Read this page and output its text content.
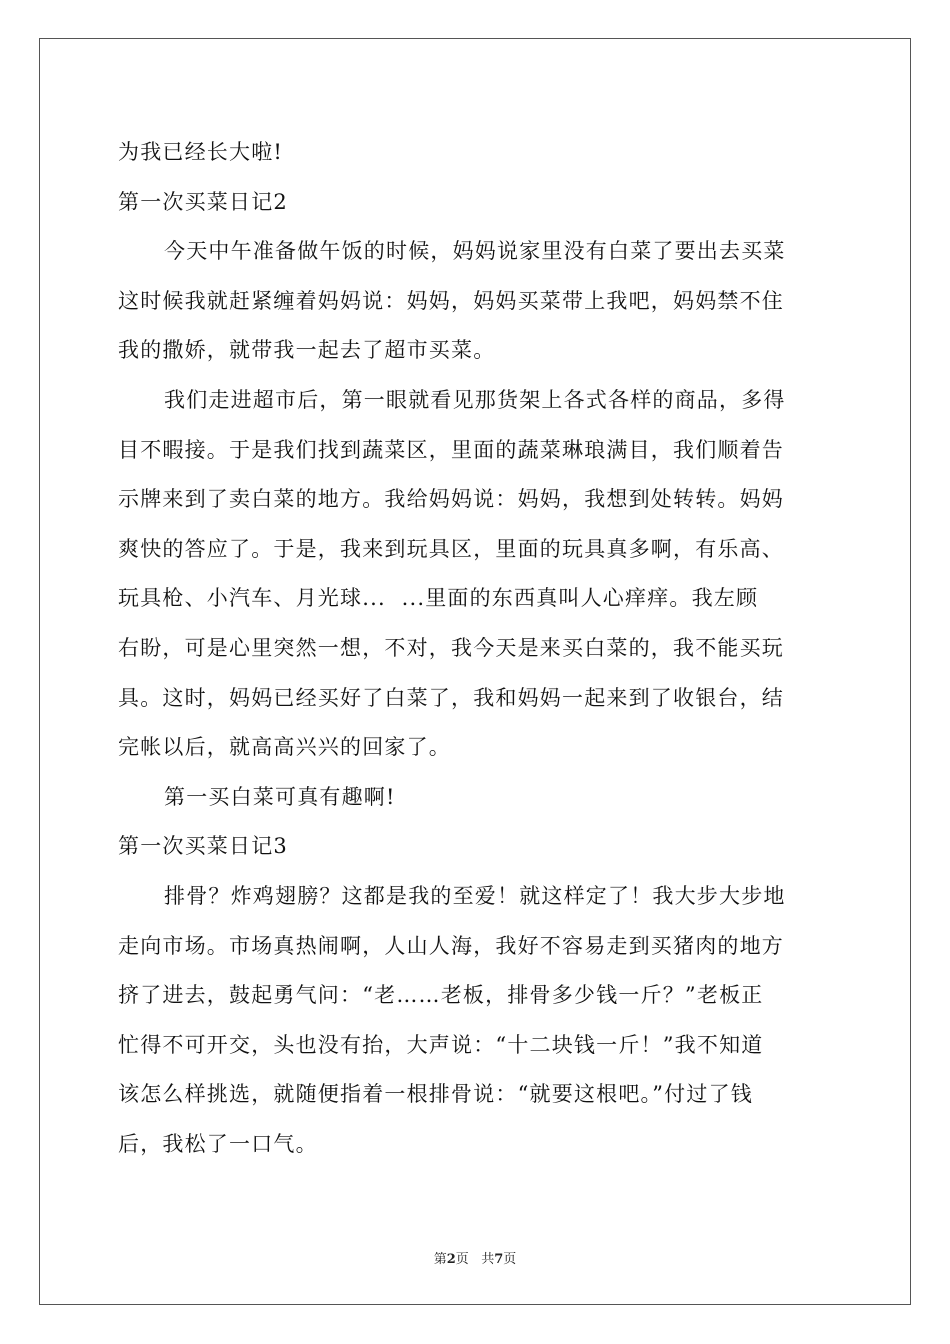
为我已经长大啦!
第一次买菜日记2
今天中午准备做午饭的时候，妈妈说家里没有白菜了要出去买菜
这时候我就赶紧缠着妈妈说：妈妈，妈妈买菜带上我吧，妈妈禁不住
我的撒娇，就带我一起去了超市买菜。
我们走进超市后，第一眼就看见那货架上各式各样的商品，多得
目不暇接。于是我们找到蔬菜区，里面的蔬菜琳琅满目，我们顺着告
示牌来到了卖白菜的地方。我给妈妈说：妈妈，我想到处转转。妈妈
爽快的答应了。于是，我来到玩具区，里面的玩具真多啊，有乐高、
玩具枪、小汽车、月光球...  ...里面的东西真叫人心痒痒。我左顾
右盼，可是心里突然一想，不对，我今天是来买白菜的，我不能买玩
具。这时，妈妈已经买好了白菜了，我和妈妈一起来到了收银台，结
完帐以后，就高高兴兴的回家了。
第一买白菜可真有趣啊!
第一次买菜日记3
排骨？炸鸡翅膀？这都是我的至爱！就这样定了！我大步大步地
走向市场。市场真热闹啊，人山人海，我好不容易走到买猪肉的地方
挤了进去，鼓起勇气问：“老……老板，排骨多少钱一斤？”老板正
忙得不可开交，头也没有抬，大声说：“十二块钱一斤！”我不知道
该怎么样挑选，就随便指着一根排骨说：“就要这根吧。”付过了钱
后，我松了一口气。
第2页 共7页
